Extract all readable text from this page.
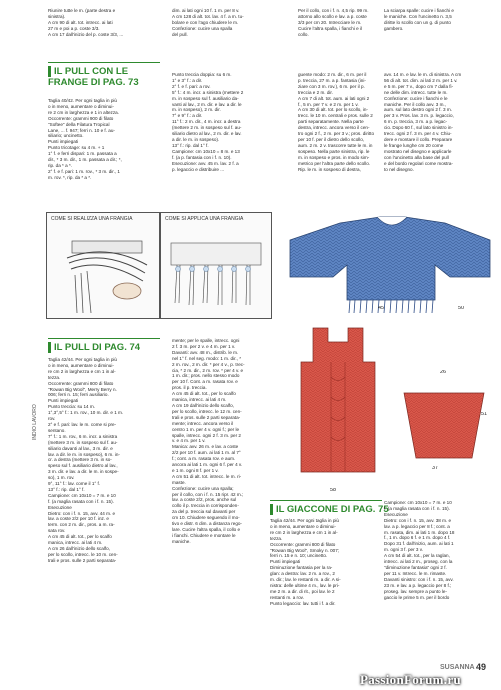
Riunire tutte le m. (parte destra e
sinistra).
A cm 90 di alt. tot. intrecc. ai lati
27 m e poi a p. coste 3/3.
A cm 17 dall'inizio del p. coste 3/3, ...
dim. ai lati ogni 10 f. 1 m. per 8 v.
A cm 128 di alt. tot. lav. 4 f. a m. tu-
bolare e con l'ago chiudere le m.
Confezione: cucire una spalla
del pull.
Per il collo, con i f. n. 4,5 rip. 99 m.
attorno allo scollo e lav. a p. coste
3/3 per cm 20. Intrecciare le m.
Cucire l'altra spalla, i fianchi e il
collo.
La sciarpa spalle: cucire i fianchi e
le maniche. Con l'uncinetto n. 3,5
diritte lo scollo con un g. di punto
gambero.
IL PULL CON LE FRANGE DI PAG. 73
Taglia 40/42. Per ogni taglia in più
o in meno, aumentare o diminui-
re 2 cm in larghezza e 1 in altezza.
Occorrente: grammi 900 di filato
"Softee" della Filatura Tropical
Lane, ... f. 947; ferri n. 10 e f. au-
siliario; uncinetto.
Punti impiegati
Punto tricotage: su 4 m. + 1
1° f. e ferri dispari: 1 m. passata a
dir., * 3 m. dir., 1 m. passata a dir.; *,
rip. da * a *.
2° f. e f. pari: 1 m. rov., * 3 m. dir., 1
m. rov. *, rip. da * a *.
Punto treccia doppia: su 6 m.
1° e 3° f.: a dir.
2° f. e f. pari: a rov.
5° f.: 4 m. incr. a sinistra (mettere 2
m. in sospeso sul f. ausiliario da-
vanti al lav., 2 m. dir. e lav. a dir. le
m. in sospeso), 2 m. dir.
7° e 9° f.: a dir.
11° f.: 2 m. dir., 4 m. incr. a destra
(mettere 2 m. in sospeso sul f. au-
siliario dietro al lav., 2 m. dir. e lav.
a dir. le m. in sospeso).
13° f.: rip. dal 1° f.
Campione: cm 10x10 = 8 m. e 13
f. (a p. fantasia con i f. n. 10).
Esecuzione: avv. 45 m. lav. 2 f. a
p. legaccio e distribuire ...
guente modo: 2 m. dir., 6 m. per il
p. treccia, 27 m. a p. fantasia (ini-
ziare con 3 m. rov.), 6 m. per il p.
treccia e 2 m. dir.
A cm 7 di alt. tot. aum. ai lati ogni 2
f., 5 m. per 7 v. e 2 m. per 1 v.
A cm 30 di alt. tot. per lo scollo, in-
trecc. le 10 m. centrali e pros. sulle 2
parti separatamente. Nella parte
destra, intrecc. ancora verso il cen-
tro ogni 2 f., 2 m. per 3 v.; pros. diritto
per 10 f. per il dietro dello scollo,
aum. 2 m. 2 v. trascorre tutte le m. in
sospeso. Nella parte sinistra, rip. le
m. in sospeso e pros. in modo sim-
metrico per l'altra parte dello scollo.
Rip. le m. in sospeso di destra,
avv. 14 m. e lav. le m. di sinistra. A cm
56 di alt. tot. dim. ai lati 2 m. per 1 v.
e 5 m. per 7 v., dopo cm 7 dalla fi-
ne delle dim. intrecc. tutte le m.
Confezione: cucire i fianchi e le
maniche. Per il collo avv. 3 m.,
aum. sul lato destro ogni 2 f. 3 m.
per 3 v. Pros. lav. 3 m. p. legaccio,
6 m. p. treccia, 3 m. a p. legac-
cio. Dopo 60 f., sul lato sinistro in-
trecc. ogni 2 f. 3 m. per 4 v. Chiu-
dere e montare il collo. Preparare
le frange lunghe cm 20 come
mostrato nel disegno e applicarle
con l'uncinetto alla base del pull
e del bordo regolari come mostra-
to nel disegno.
COME SI REALIZZA UNA FRANGIA	COME SI APPLICA UNA FRANGIA
45	50
IL PULL DI PAG. 74
Taglia 42/44. Per ogni taglia in più
o in meno, aumentare o diminui-
re cm 2 in larghezza e cm 1 in al-
tezza.
Occorrente: grammi 800 di filato
"Rowan Big Wool", Merry Berry n.
006; ferri n. 15; ferri ausiliario.
Punti impiegati
Punto treccia: su 14 m.
1°,3°,5° f.: 1 m. rov., 10 m. dir. e 1 m.
rov.
2° e f. pari: lav. le m. come si pre-
sentano.
7° f.: 1 m. rov., 6 m. incr. a sinistra
(mettere 3 m. in sospeso sul f. au-
siliario davanti al lav., 3 m. dir. e
lav. a dir. le m. in sospeso), 6 m. in-
cr. a destra (mettere 3 m. in so-
speso sul f. ausiliario dietro al lav.,
3 m. dir. e lav. a dir. le m. in sospe-
so), 1 m. rov.
9°, 11° f.: lav. come il 1° f.
13° f.: rip. dal 1° f.
Campione: cm 10x10 = 7 m. e 10
f. (a maglia rasata con i f. n. 15).
Esecuzione
Dietro: con i f. n. 15, avv. 44 m. e
lav. a coste 2/2 per 10 f. inz. e
term. con 2 m. dir., pros. a m. ra-
sata rov.
A cm 45 di alt. tot., per lo scalfo
manica, intrecc. ai lati 4 m.
A cm 26 dall'inizio dello scalfo,
per lo scollo, intrecc. le 10 m. cen-
trali e pros. sulle 2 parti separata-
mente; per le spalle, intrecc. ogni
2 f. 3 m. per 2 v. e 4 m. per 1 v.
Davanti: avv. 48 m., distrib. le m.
nel 1° f. nel seg. modo: 1 m. dir., *
2 m. rov., 2 m. dir. * per 4 v., p. trec-
cia, * 2 m. dir., 2 m. rov. * per 4 v. e
1 m. dir.; pros. nello stesso modo
per 10 f. Cont. a m. rasata rov. e
pros. il p. treccia.
A cm 45 di alt. tot., per lo scalfo
manica, intrecc. ai lati 4 m.
A cm 19 dall'inizio dello scalfo,
per lo scollo, intrecc. le 12 m. cen-
trali e pros. sulle 2 parti separata-
mente; intrecc. ancora verso il
centro 1 m. per 4 v. ogni f.; per le
spalle, intrecc. ogni 2 f. 3 m. per 2
v. e 4 m. per 1 v.
Manica: avv. 26 m. e lav. a coste
2/2 per 10 f. aum. ai lati 1 m. al 7°
f.; cont. a m. rasata rov. e aum.
ancora ai lati 1 m. ogni 6 f. per 4 v.
e 1 m. ogni 8 f. per 1 v.
A cm 51 di alt. tot. intrecc. le m. ri-
maste.
Confezione: cucire una spalla;
per il collo, con i f. n. 15 ripr. 42 m.;
lav. a coste 2/2, pros. anche sul
collo il p. treccia in corrisponden-
za del p. treccia sul davanti per
cm 10. Chiudere seguendo il mo-
tivo e distr. 6 dim. a distanza rego-
lare. Cucire l'altra spalla, il collo e
i fianchi. Chiudere e montare le
maniche.
58
37
51
26
IL GIACCONE DI PAG. 75
Taglia 42/44. Per ogni taglia in più
o in meno, aumentare o diminui-
re cm 2 in larghezza e cm 1 in al-
tezza.
Occorrente: grammi 800 di filato
"Rowan Big Wool", Smoky n. 007;
ferri n. 15 e n. 10; uncinetto.
Punti impiegati
Diminuzione fantasia per la ra-
glan: a destra: lav. 2 m. a rov., 2
m. dir.; lav. le restanti m. a dir. A si-
nistra: delle ultime 4 m., lav. le pri-
me 2 m. a dir. di rit., poi lav. le 2
restanti m. a rov.
Punto legaccio: lav. tutti i f. a dir.
Campione: cm 10x10 = 7 m. e 10
f. (a maglia rasata con i f. n. 15).
Esecuzione
Dietro: con i f. n. 15, avv. 38 m. e
lav. a p. legaccio per 8 f.; cont. a
m. rasata, dim. ai lati 1 m. dopo 18
f., 1 m. dopo 6 f. e 1 m. dopo 4 f.
Dopo 31 f. dall'inizio, aum. ai lati 1
m. ogni 3 f. per 3 v.
A cm 54 di alt. tot., per la raglan,
intrecc. ai lati 2 m., proseg. con la
"diminuzione fantasia" ogni 2 f.
per 11 v. Intrecc. le m. rimaste.
Davanti sinistro: con i f. n. 15, avv.
23 m. e lav. a p. legaccio per 8 f.;
proseg. lav. sempre a punto le-
gaccio le prime 5 m. per il bordo
INDIO LAVORO
SUSANNA 49
PassionForum.ru
